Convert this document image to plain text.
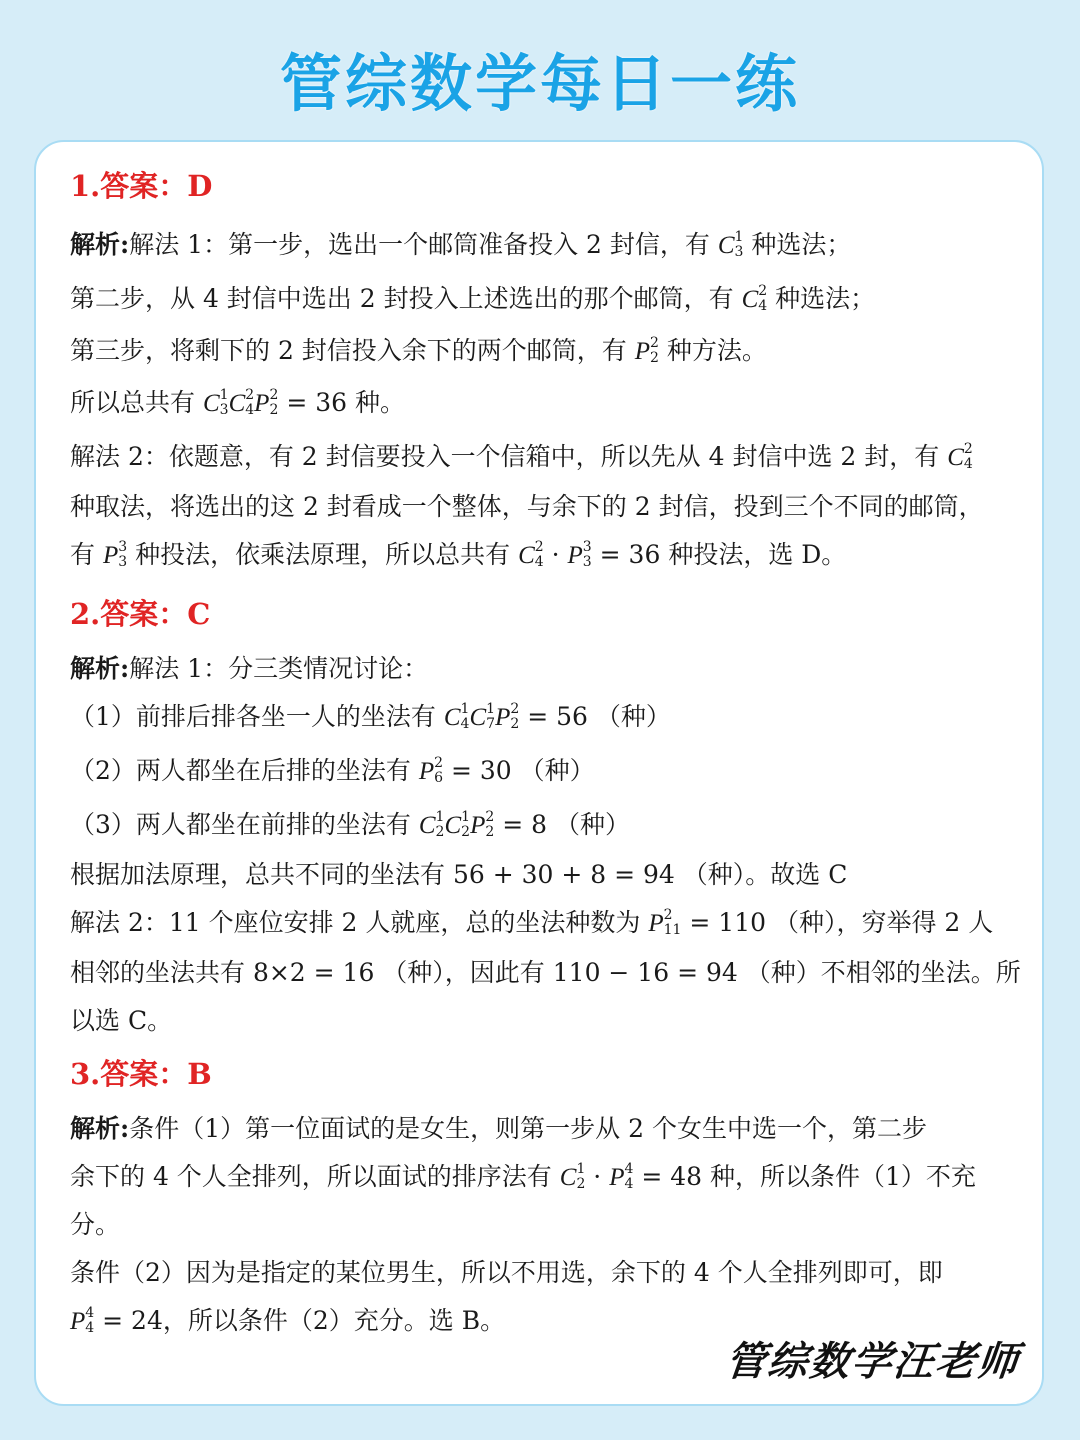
管综数学每日一练
1.答案：D
解析:解法 1：第一步，选出一个邮筒准备投入 2 封信，有 C 1
3 种选法；
第二步，从 4 封信中选出 2 封投入上述选出的那个邮筒，有 C 2
4 种选法；
第三步，将剩下的 2 封信投入余下的两个邮筒，有 P 2
2 种方法。
所以总共有 C 1
3 C 2
4 P 2
2 = 36 种。
解法 2：依题意，有 2 封信要投入一个信箱中，所以先从 4 封信中选 2 封，有 C 2
4
种取法，将选出的这 2 封看成一个整体，与余下的 2 封信，投到三个不同的邮筒，
有 P 3
3 种投法，依乘法原理，所以总共有 C 2
4 · P 3
3 = 36 种投法，选 D。
2.答案：C
解析:解法 1：分三类情况讨论：
（1）前排后排各坐一人的坐法有 C 1
4 C 1
7 P 2
2 = 56 （种）
（2）两人都坐在后排的坐法有 P 2
6 = 30 （种）
（3）两人都坐在前排的坐法有 C 1
2 C 1
2 P 2
2 = 8 （种）
根据加法原理，总共不同的坐法有 56 + 30 + 8 = 94 （种）。故选 C
解法 2：11 个座位安排 2 人就座，总的坐法种数为 P 2
11 = 110 （种），穷举得 2 人
相邻的坐法共有 8×2 = 16 （种），因此有 110 − 16 = 94 （种）不相邻的坐法。所
以选 C。
3.答案：B
解析:条件（1）第一位面试的是女生，则第一步从 2 个女生中选一个，第二步
余下的 4 个人全排列，所以面试的排序法有 C 1
2 · P 4
4 = 48 种，所以条件（1）不充
分。
条件（2）因为是指定的某位男生，所以不用选，余下的 4 个人全排列即可，即
P 4
4 = 24，所以条件（2）充分。选 B。
管综数学汪老师
